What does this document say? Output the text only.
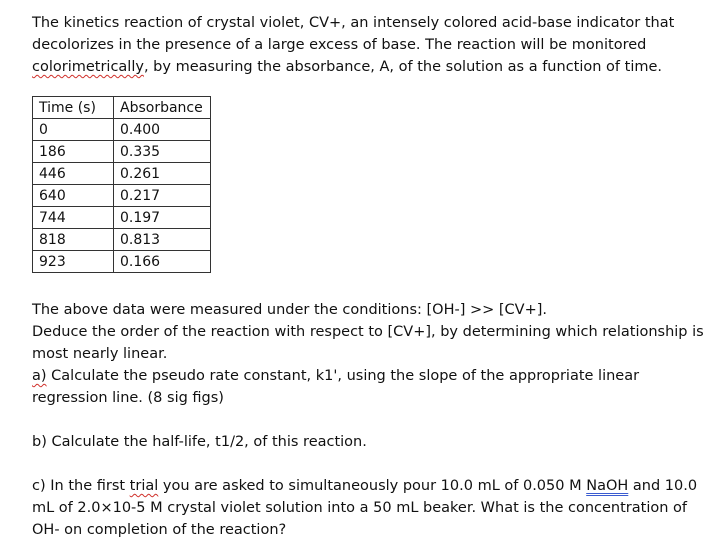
The kinetics reaction of crystal violet, CV+, an intensely colored acid-base indicator that decolorizes in the presence of a large excess of base. The reaction will be monitored colorimetrically, by measuring the absorbance, A, of the solution as a function of time.

Time (s)	Absorbance
0	0.400
186	0.335
446	0.261
640	0.217
744	0.197
818	0.813
923	0.166

The above data were measured under the conditions: [OH-] >> [CV+].

Deduce the order of the reaction with respect to [CV+], by determining which relationship is most nearly linear.

a) Calculate the pseudo rate constant, k1', using the slope of the appropriate linear regression line. (8 sig figs)

b) Calculate the half-life, t1/2, of this reaction.

c) In the first trial you are asked to simultaneously pour 10.0 mL of 0.050 M NaOH and 10.0 mL of 2.0×10-5 M crystal violet solution into a 50 mL beaker. What is the concentration of OH- on completion of the reaction?
